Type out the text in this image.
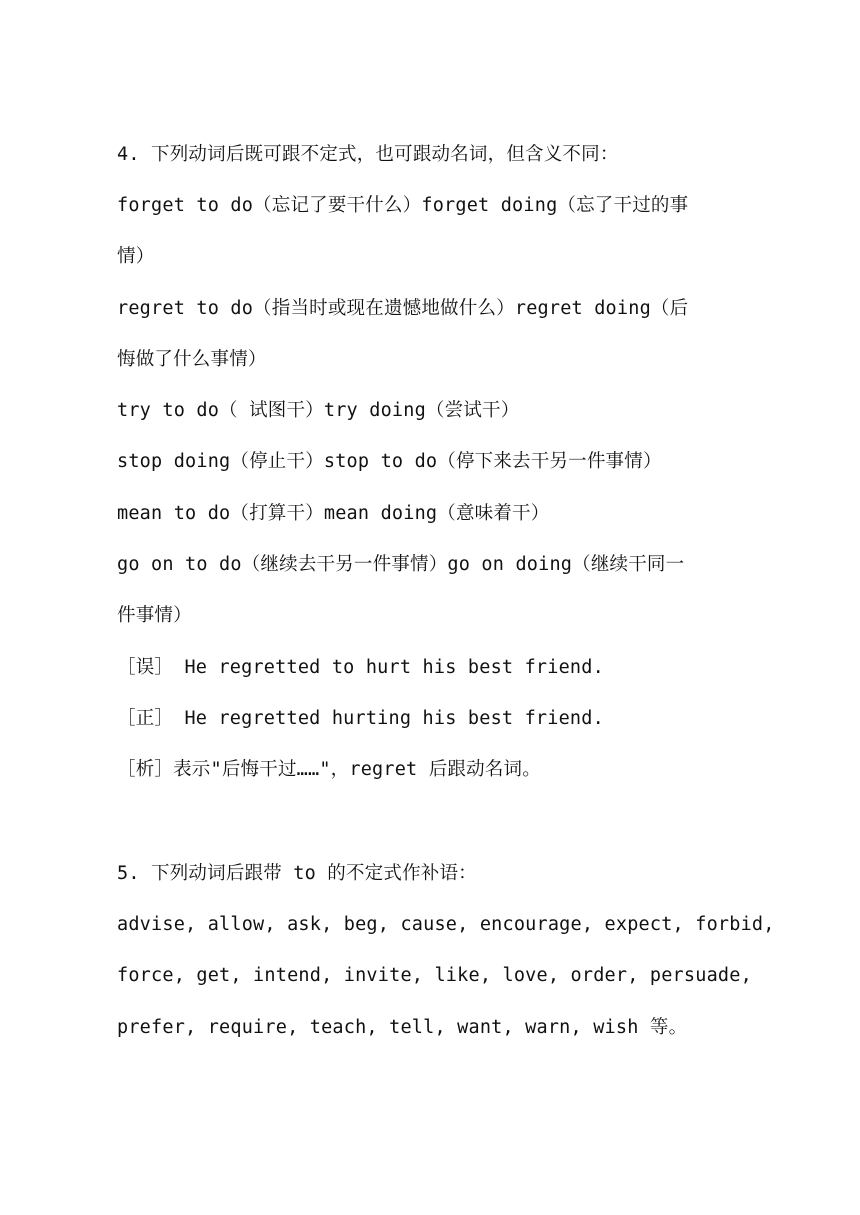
4. 下列动词后既可跟不定式，也可跟动名词，但含义不同：
forget to do（忘记了要干什么）forget doing（忘了干过的事
情）
regret to do（指当时或现在遗憾地做什么）regret doing（后
悔做了什么事情）
try to do（ 试图干）try doing（尝试干）
stop doing（停止干）stop to do（停下来去干另一件事情）
mean to do（打算干）mean doing（意味着干）
go on to do（继续去干另一件事情）go on doing（继续干同一
件事情）
［误］ He regretted to hurt his best friend.
［正］ He regretted hurting his best friend.
［析］表示"后悔干过……"，regret 后跟动名词。
5. 下列动词后跟带 to 的不定式作补语：
advise, allow, ask, beg, cause, encourage, expect, forbid,
force, get, intend, invite, like, love, order, persuade,
prefer, require, teach, tell, want, warn, wish 等。
